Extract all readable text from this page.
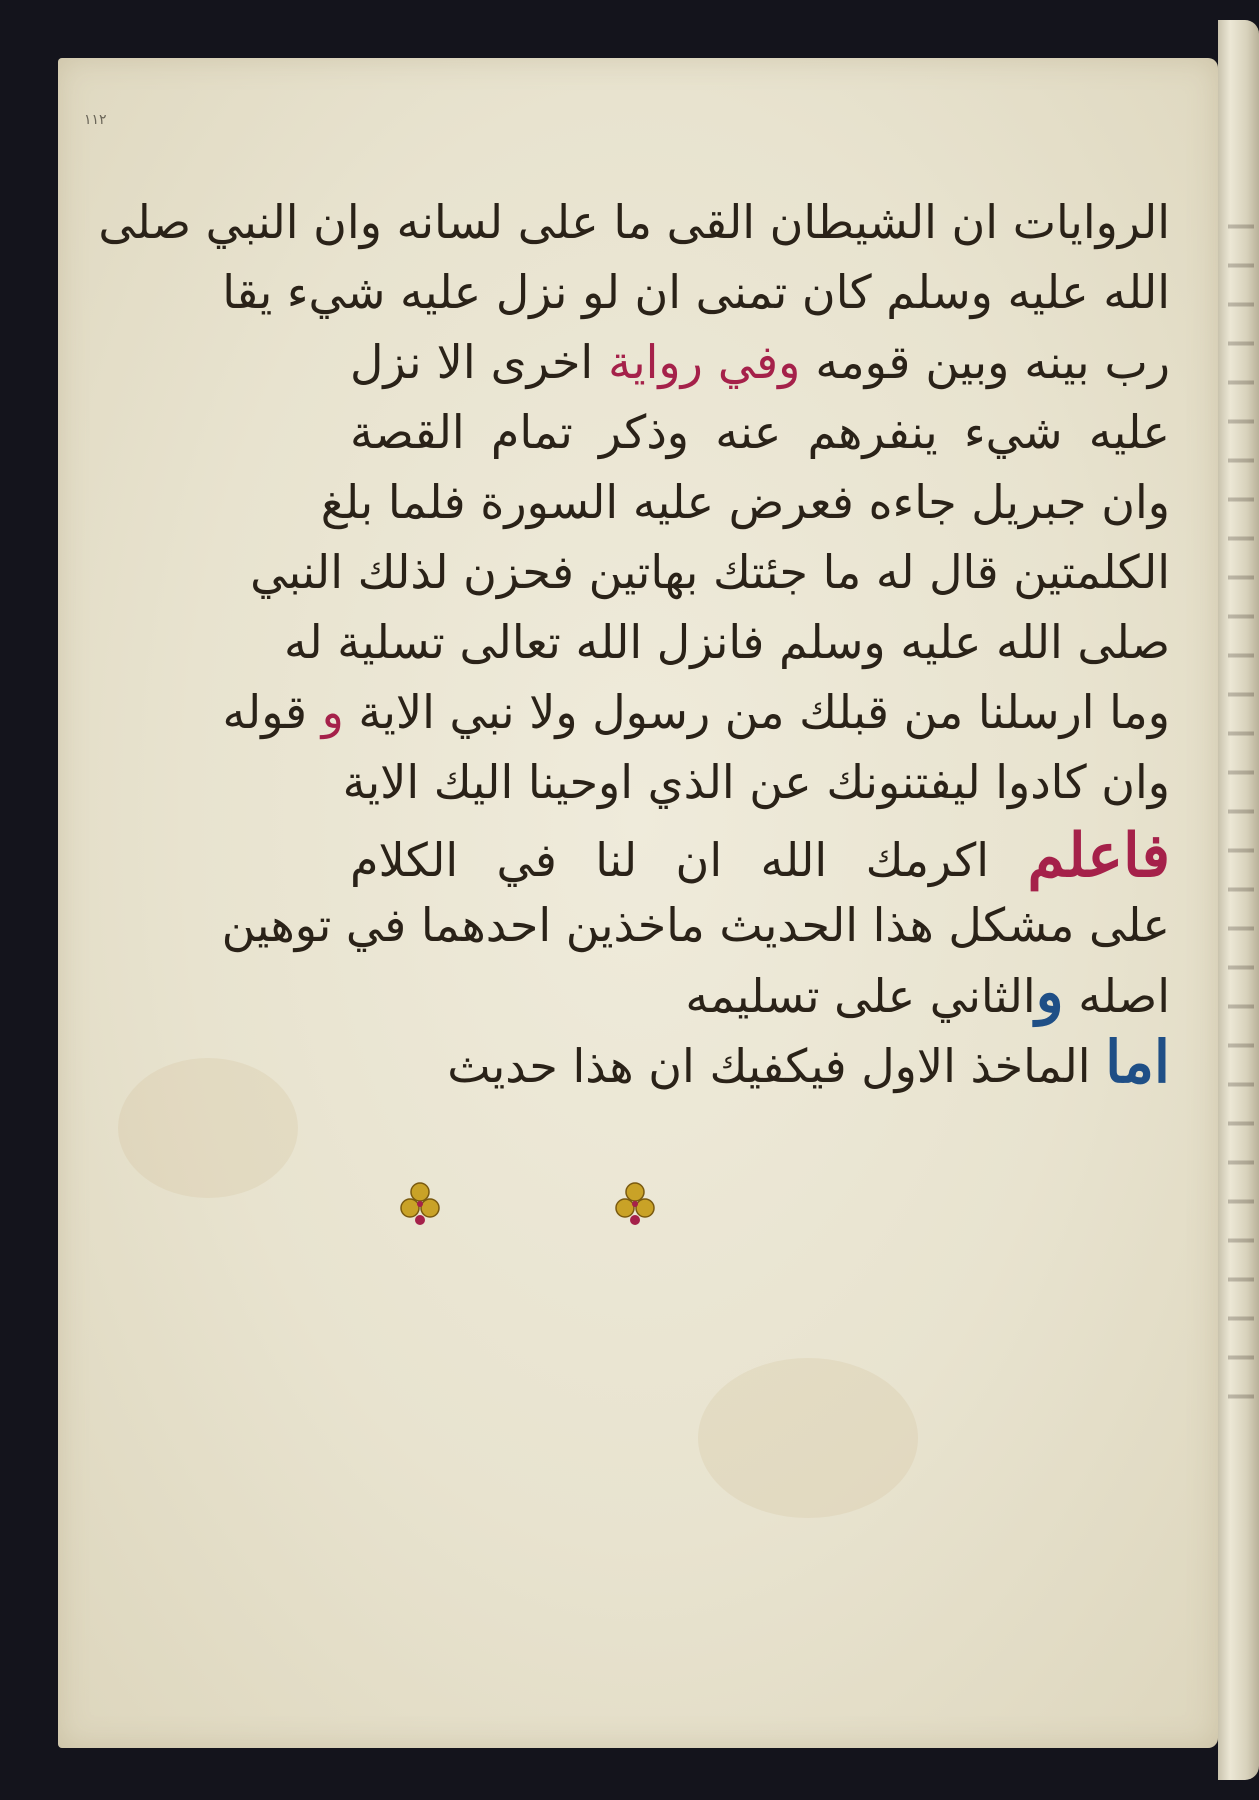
١١٢
الروايات ان الشيطان القى ما على لسانه وان النبي صلى
الله عليه وسلم كان تمنى ان لو نزل عليه شيء يقا
رب بينه وبين قومه وفي رواية اخرى الا نزل
عليه شيء ينفرهم عنه وذكر تمام القصة
وان جبريل جاءه فعرض عليه السورة فلما بلغ
الكلمتين قال له ما جئتك بهاتين فحزن لذلك النبي
صلى الله عليه وسلم فانزل الله تعالى تسلية له
وما ارسلنا من قبلك من رسول ولا نبي الاية و قوله
وان كادوا ليفتنونك عن الذي اوحينا اليك الاية
فاعلم اكرمك الله ان لنا في الكلام
على مشكل هذا الحديث ماخذين احدهما في توهين
اصله والثاني على تسليمه
اما الماخذ الاول فيكفيك ان هذا حديث
